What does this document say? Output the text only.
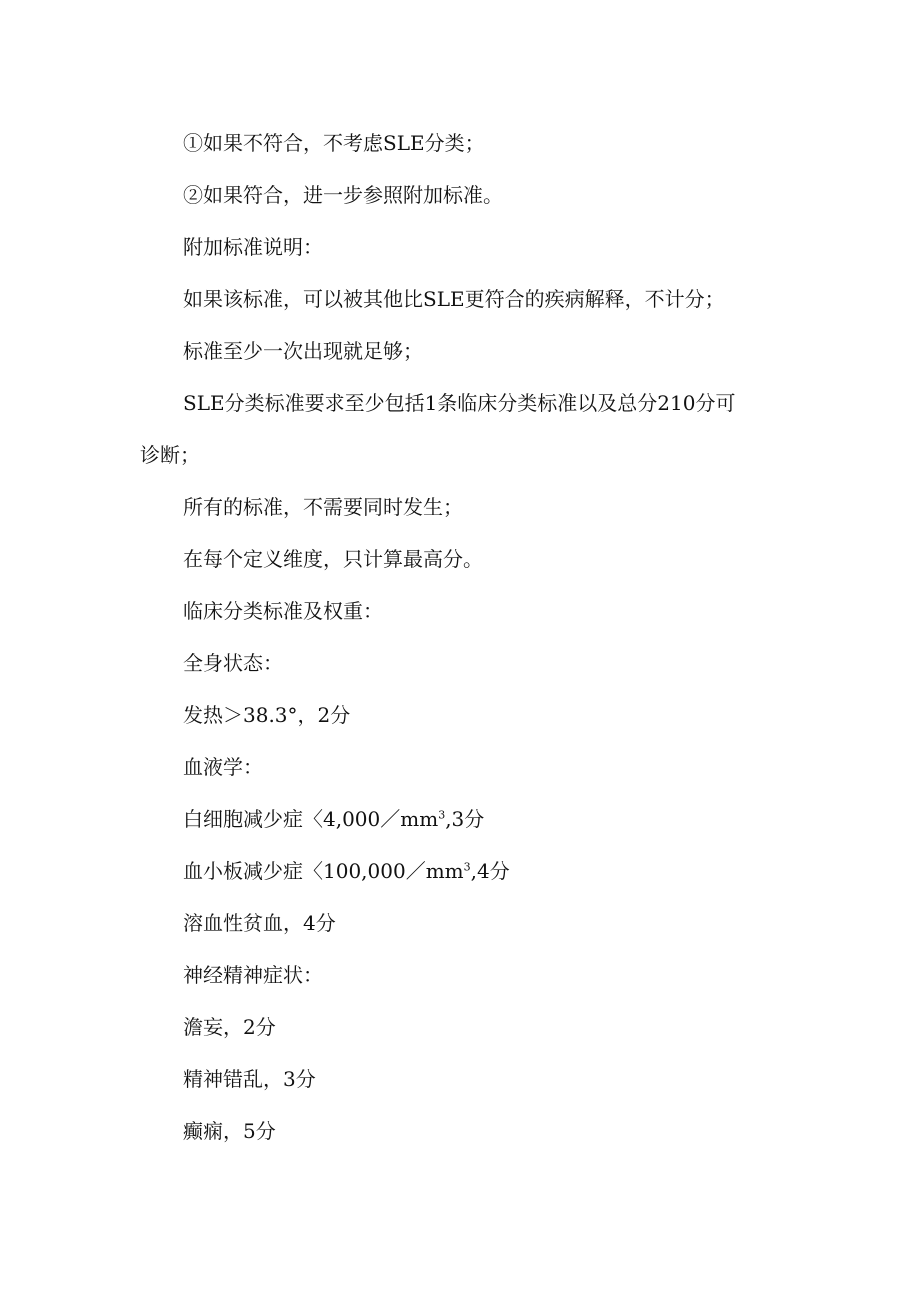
①如果不符合，不考虑SLE分类；
②如果符合，进一步参照附加标准。
附加标准说明：
如果该标准，可以被其他比SLE更符合的疾病解释，不计分；
标准至少一次出现就足够；
SLE分类标准要求至少包括1条临床分类标准以及总分210分可
诊断；
所有的标准，不需要同时发生；
在每个定义维度，只计算最高分。
临床分类标准及权重：
全身状态：
发热＞38.3°，2分
血液学：
白细胞减少症〈$4,000/mm^3,3$分
血小板减少症〈$100,000/mm^3,4$分
溶血性贫血，4分
神经精神症状：
澹妄，2分
精神错乱，3分
癫痫，5分
